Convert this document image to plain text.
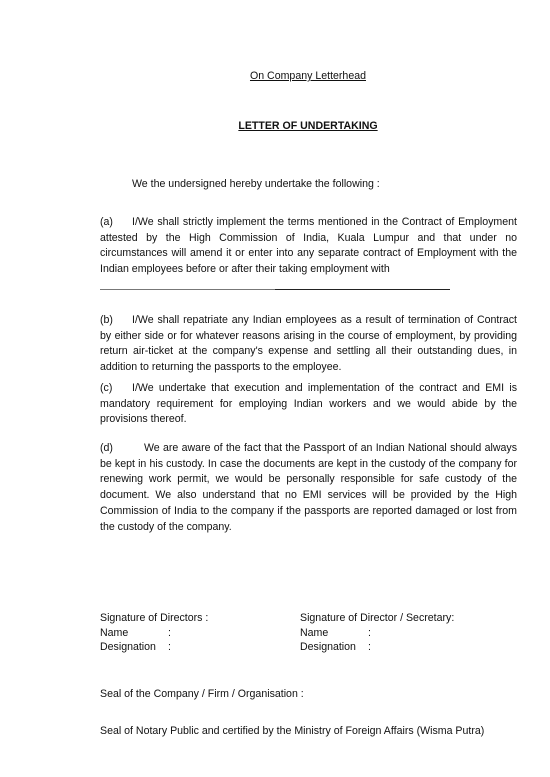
On Company Letterhead
LETTER OF UNDERTAKING
We the undersigned hereby undertake the following :
(a) I/We shall strictly implement the terms mentioned in the Contract of Employment attested by the High Commission of India, Kuala Lumpur and that under no circumstances will amend it or enter into any separate contract of Employment with the Indian employees before or after their taking employment with
(b) I/We shall repatriate any Indian employees as a result of termination of Contract by either side or for whatever reasons arising in the course of employment, by providing return air-ticket at the company's expense and settling all their outstanding dues, in addition to returning the passports to the employee.
(c) I/We undertake that execution and implementation of the contract and EMI is mandatory requirement for employing Indian workers and we would abide by the provisions thereof.
(d)	We are aware of the fact that the Passport of an Indian National should always be kept in his custody. In case the documents are kept in the custody of the company for renewing work permit, we would be personally responsible for safe custody of the document. We also understand that no EMI services will be provided by the High Commission of India to the company if the passports are reported damaged or lost from the custody of the company.
Signature of Directors :
Name	:
Designation	:
Signature of Director / Secretary:
Name	:
Designation	:
Seal of the Company / Firm / Organisation :
Seal of Notary Public and certified by the Ministry of Foreign Affairs (Wisma Putra)
